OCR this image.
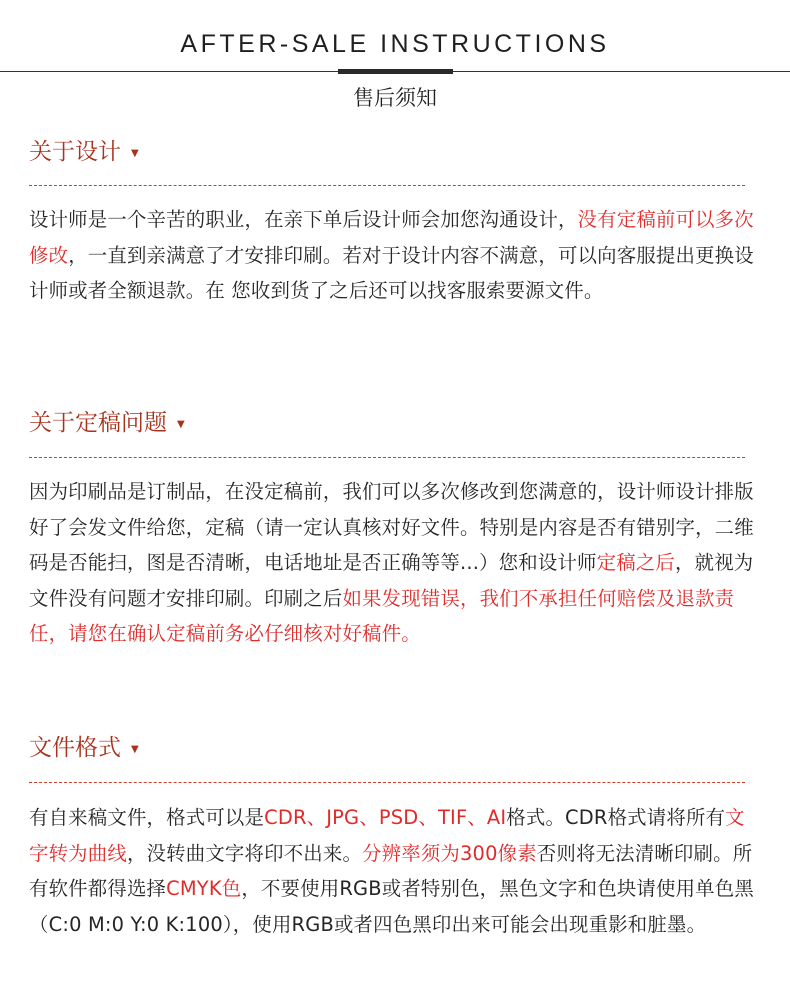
AFTER-SALE INSTRUCTIONS
售后须知
关于设计 ▼

设计师是一个辛苦的职业，在亲下单后设计师会加您沟通设计，没有定稿前可以多次修改，一直到亲满意了才安排印刷。若对于设计内容不满意，可以向客服提出更换设计师或者全额退款。在 您收到货了之后还可以找客服索要源文件。

关于定稿问题 ▼

因为印刷品是订制品，在没定稿前，我们可以多次修改到您满意的，设计师设计排版好了会发文件给您，定稿（请一定认真核对好文件。特别是内容是否有错别字，二维码是否能扫，图是否清晰，电话地址是否正确等等...）您和设计师定稿之后，就视为文件没有问题才安排印刷。印刷之后如果发现错误，我们不承担任何赔偿及退款责任，请您在确认定稿前务必仔细核对好稿件。

文件格式 ▼

有自来稿文件，格式可以是CDR、JPG、PSD、TIF、AI格式。CDR格式请将所有文字转为曲线，没转曲文字将印不出来。分辨率须为300像素否则将无法清晰印刷。所有软件都得选择CMYK色，不要使用RGB或者特别色，黑色文字和色块请使用单色黑（C:0 M:0 Y:0 K:100），使用RGB或者四色黑印出来可能会出现重影和脏墨。
